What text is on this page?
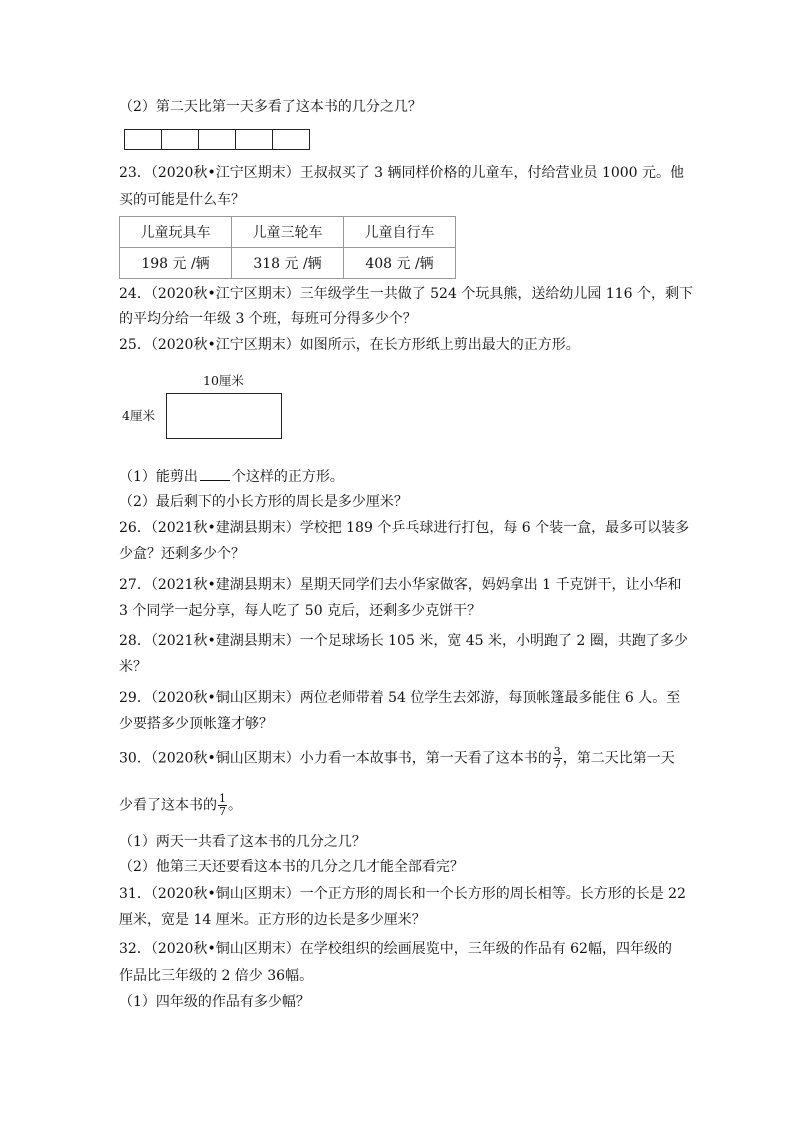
（2）第二天比第一天多看了这本书的几分之几？
23．（2020秋•江宁区期末）王叔叔买了 3 辆同样价格的儿童车，付给营业员 1000 元。他
买的可能是什么车？
儿童玩具车	儿童三轮车	儿童自行车
198 元 /辆	318 元 /辆	408 元 /辆
24．（2020秋•江宁区期末）三年级学生一共做了 524 个玩具熊，送给幼儿园 116 个，剩下
的平均分给一年级 3 个班，每班可分得多少个？
25．（2020秋•江宁区期末）如图所示，在长方形纸上剪出最大的正方形。
10厘米
4厘米
（1）能剪出 个这样的正方形。
（2）最后剩下的小长方形的周长是多少厘米？
26．（2021秋•建湖县期末）学校把 189 个乒乓球进行打包，每 6 个装一盒，最多可以装多
少盒？还剩多少个？
27．（2021秋•建湖县期末）星期天同学们去小华家做客，妈妈拿出 1 千克饼干，让小华和
3 个同学一起分享，每人吃了 50 克后，还剩多少克饼干？
28．（2021秋•建湖县期末）一个足球场长 105 米，宽 45 米，小明跑了 2 圈，共跑了多少
米？
29．（2020秋•铜山区期末）两位老师带着 54 位学生去郊游，每顶帐篷最多能住 6 人。至
少要搭多少顶帐篷才够？
30．（2020秋•铜山区期末）小力看一本故事书，第一天看了这本书的 $\frac{3}{7}$ ，第二天比第一天
少看了这本书的 $\frac{1}{7}$ 。
（1）两天一共看了这本书的几分之几？
（2）他第三天还要看这本书的几分之几才能全部看完？
31．（2020秋•铜山区期末）一个正方形的周长和一个长方形的周长相等。长方形的长是 22
厘米，宽是 14 厘米。正方形的边长是多少厘米？
32．（2020秋•铜山区期末）在学校组织的绘画展览中，三年级的作品有 62幅，四年级的
作品比三年级的 2 倍少 36幅。
（1）四年级的作品有多少幅？
